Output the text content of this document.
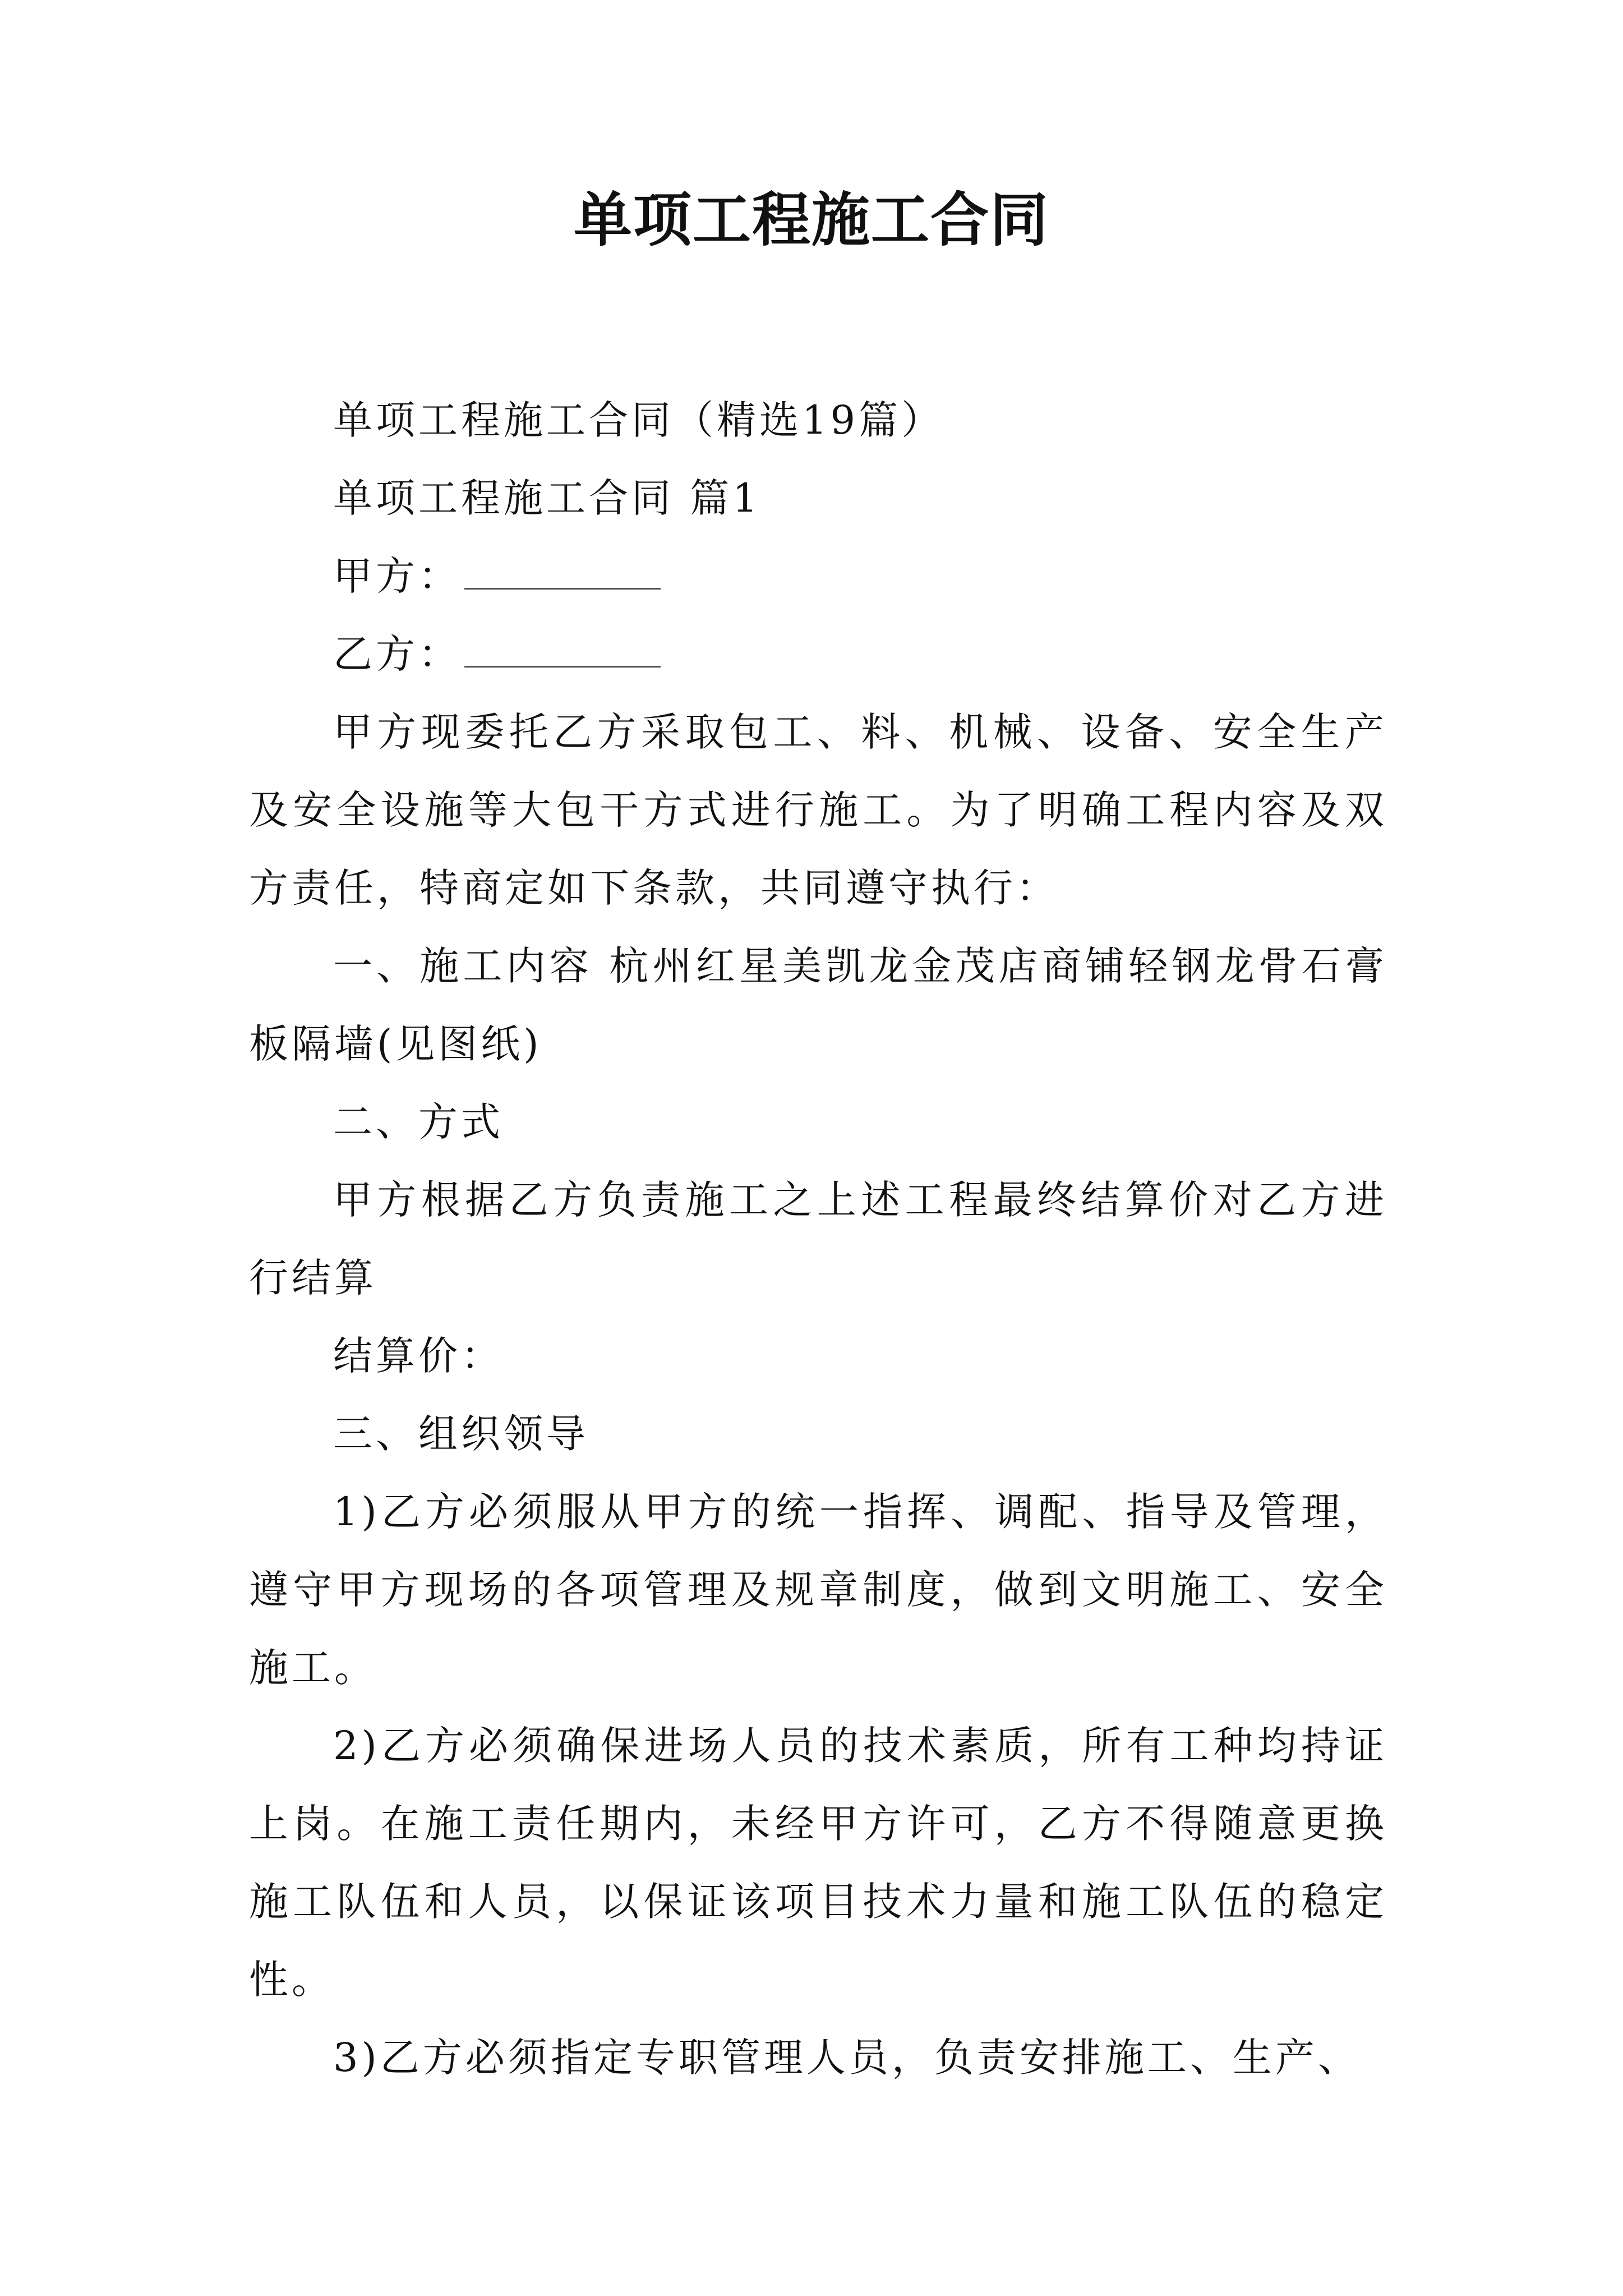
单项工程施工合同

单项工程施工合同（精选19篇）

单项工程施工合同 篇1

甲方：

乙方：

甲方现委托乙方采取包工、料、机械、设备、安全生产及安全设施等大包干方式进行施工。为了明确工程内容及双方责任，特商定如下条款，共同遵守执行：

一、施工内容 杭州红星美凯龙金茂店商铺轻钢龙骨石膏板隔墙(见图纸)

二、方式

甲方根据乙方负责施工之上述工程最终结算价对乙方进行结算

结算价：

三、组织领导

1)乙方必须服从甲方的统一指挥、调配、指导及管理，遵守甲方现场的各项管理及规章制度，做到文明施工、安全施工。

2)乙方必须确保进场人员的技术素质，所有工种均持证上岗。在施工责任期内，未经甲方许可，乙方不得随意更换施工队伍和人员，以保证该项目技术力量和施工队伍的稳定性。

3)乙方必须指定专职管理人员，负责安排施工、生产、
